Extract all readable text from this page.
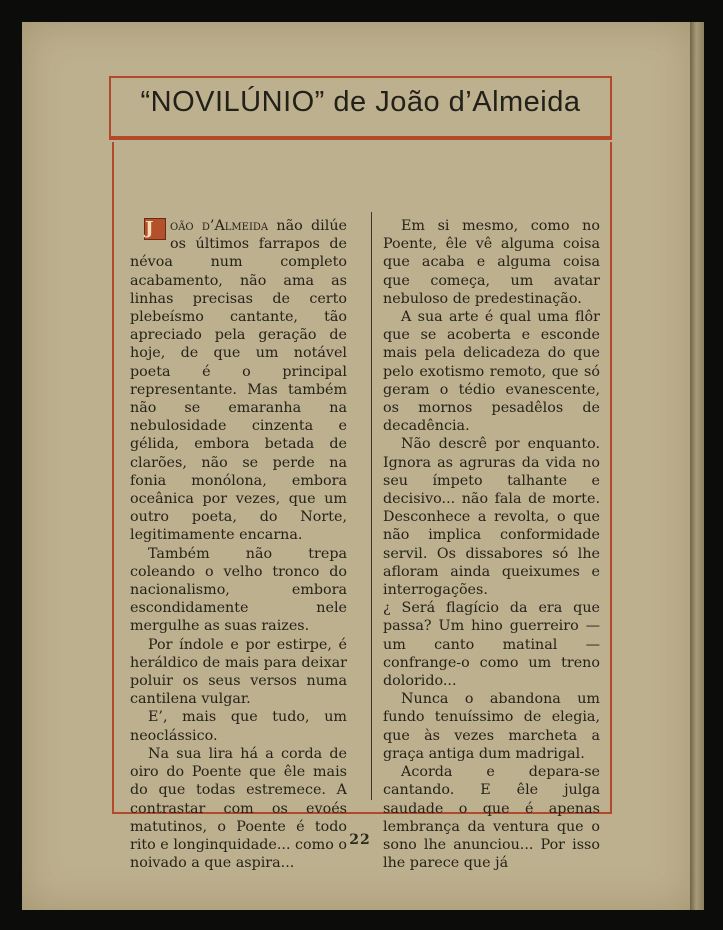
“NOVILÚNIO” de João d’Almeida

J	oão d’Almeida não dilúe os últimos farrapos de névoa num completo acabamento, não ama as linhas precisas de certo plebeísmo cantante, tão apreciado pela geração de hoje, de que um notável poeta é o principal representante. Mas também não se emaranha na nebulosidade cinzenta e gélida, embora betada de clarões, não se perde na fonia monólona, embora oceânica por vezes, que um outro poeta, do Norte, legitimamente encarna.

Também não trepa coleando o velho tronco do nacionalismo, embora escondidamente nele mergulhe as suas raizes.

Por índole e por estirpe, é heráldico de mais para deixar poluir os seus versos numa cantilena vulgar.

E’, mais que tudo, um neoclássico.

Na sua lira há a corda de oiro do Poente que êle mais do que todas estremece. A contrastar com os evoés matutinos, o Poente é todo rito e longinquidade... como o noivado a que aspira...

Em si mesmo, como no Poente, êle vê alguma coisa que acaba e alguma coisa que começa, um avatar nebuloso de predestinação.

A sua arte é qual uma flôr que se acoberta e esconde mais pela delicadeza do que pelo exotismo remoto, que só geram o tédio evanescente, os mornos pesadêlos de decadência.

Não descrê por enquanto. Ignora as agruras da vida no seu ímpeto talhante e decisivo... não fala de morte. Desconhece a revolta, o que não implica conformidade servil. Os dissabores só lhe afloram ainda queixumes e interrogações.

¿ Será flagício da era que passa? Um hino guerreiro — um canto matinal — confrange-o como um treno dolorido...

Nunca o abandona um fundo tenuíssimo de elegia, que às vezes marcheta a graça antiga dum madrigal.

Acorda e depara-se cantando. E êle julga saudade o que é apenas lembrança da ventura que o sono lhe anunciou... Por isso lhe parece que já

22
